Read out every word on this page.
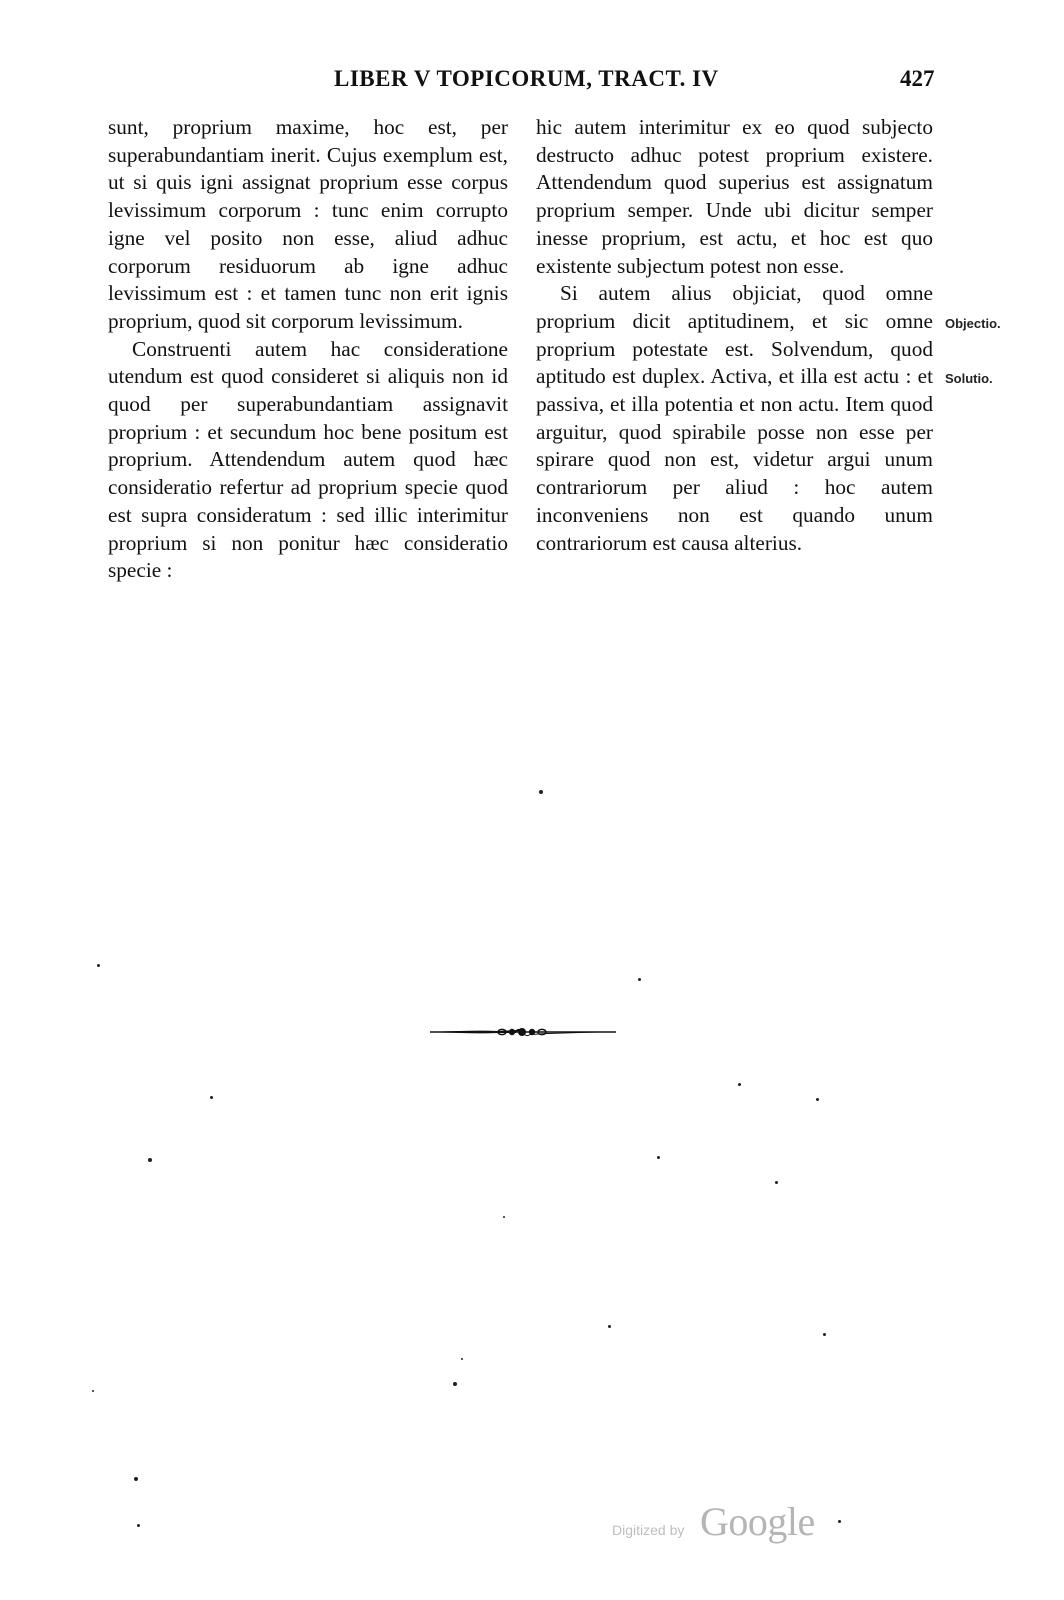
LIBER V TOPICORUM, TRACT. IV	427

sunt, proprium maxime, hoc est, per superabundantiam inerit. Cujus exemplum est, ut si quis igni assignat proprium esse corpus levissimum corporum : tunc enim corrupto igne vel posito non esse, aliud adhuc corporum residuorum ab igne adhuc levissimum est : et tamen tunc non erit ignis proprium, quod sit corporum levissimum.

Construenti autem hac consideratione utendum est quod consideret si aliquis non id quod per superabundantiam assignavit proprium : et secundum hoc bene positum est proprium. Attendendum autem quod hæc consideratio refertur ad proprium specie quod est supra consideratum : sed illic interimitur proprium si non ponitur hæc consideratio specie :

hic autem interimitur ex eo quod subjecto destructo adhuc potest proprium existere. Attendendum quod superius est assignatum proprium semper. Unde ubi dicitur semper inesse proprium, est actu, et hoc est quo existente subjectum potest non esse.

Si autem alius objiciat, quod omne proprium dicit aptitudinem, et sic omne proprium potestate est. Solvendum, quod aptitudo est duplex. Activa, et illa est actu : et passiva, et illa potentia et non actu. Item quod arguitur, quod spirabile posse non esse per spirare quod non est, videtur argui unum contrariorum per aliud : hoc autem inconveniens non est quando unum contrariorum est causa alterius.

Objectio.
Solutio.
Digitized by Google
